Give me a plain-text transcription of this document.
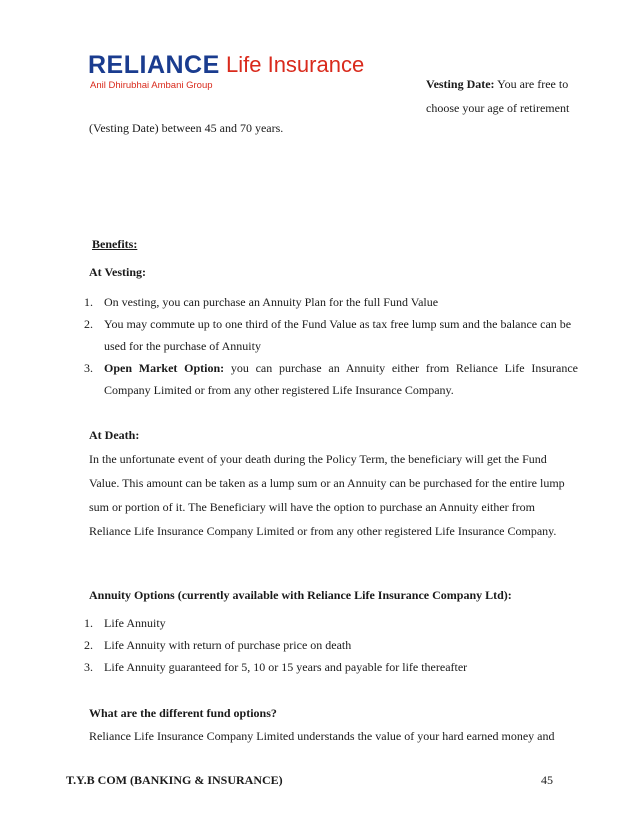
RELIANCE Life Insurance
Anil Dhirubhai Ambani Group	Vesting Date: You are free to
choose your age of retirement
(Vesting Date) between 45 and 70 years.
Benefits:
At Vesting:
1. On vesting, you can purchase an Annuity Plan for the full Fund Value
2. You may commute up to one third of the Fund Value as tax free lump sum and the balance can be used for the purchase of Annuity
3. Open Market Option: you can purchase an Annuity either from Reliance Life Insurance Company Limited or from any other registered Life Insurance Company.
At Death:
In the unfortunate event of your death during the Policy Term, the beneficiary will get the Fund Value. This amount can be taken as a lump sum or an Annuity can be purchased for the entire lump sum or portion of it. The Beneficiary will have the option to purchase an Annuity either from Reliance Life Insurance Company Limited or from any other registered Life Insurance Company.
Annuity Options (currently available with Reliance Life Insurance Company Ltd):
1. Life Annuity
2. Life Annuity with return of purchase price on death
3. Life Annuity guaranteed for 5, 10 or 15 years and payable for life thereafter
What are the different fund options?
Reliance Life Insurance Company Limited understands the value of your hard earned money and
T.Y.B COM (BANKING & INSURANCE)	45
